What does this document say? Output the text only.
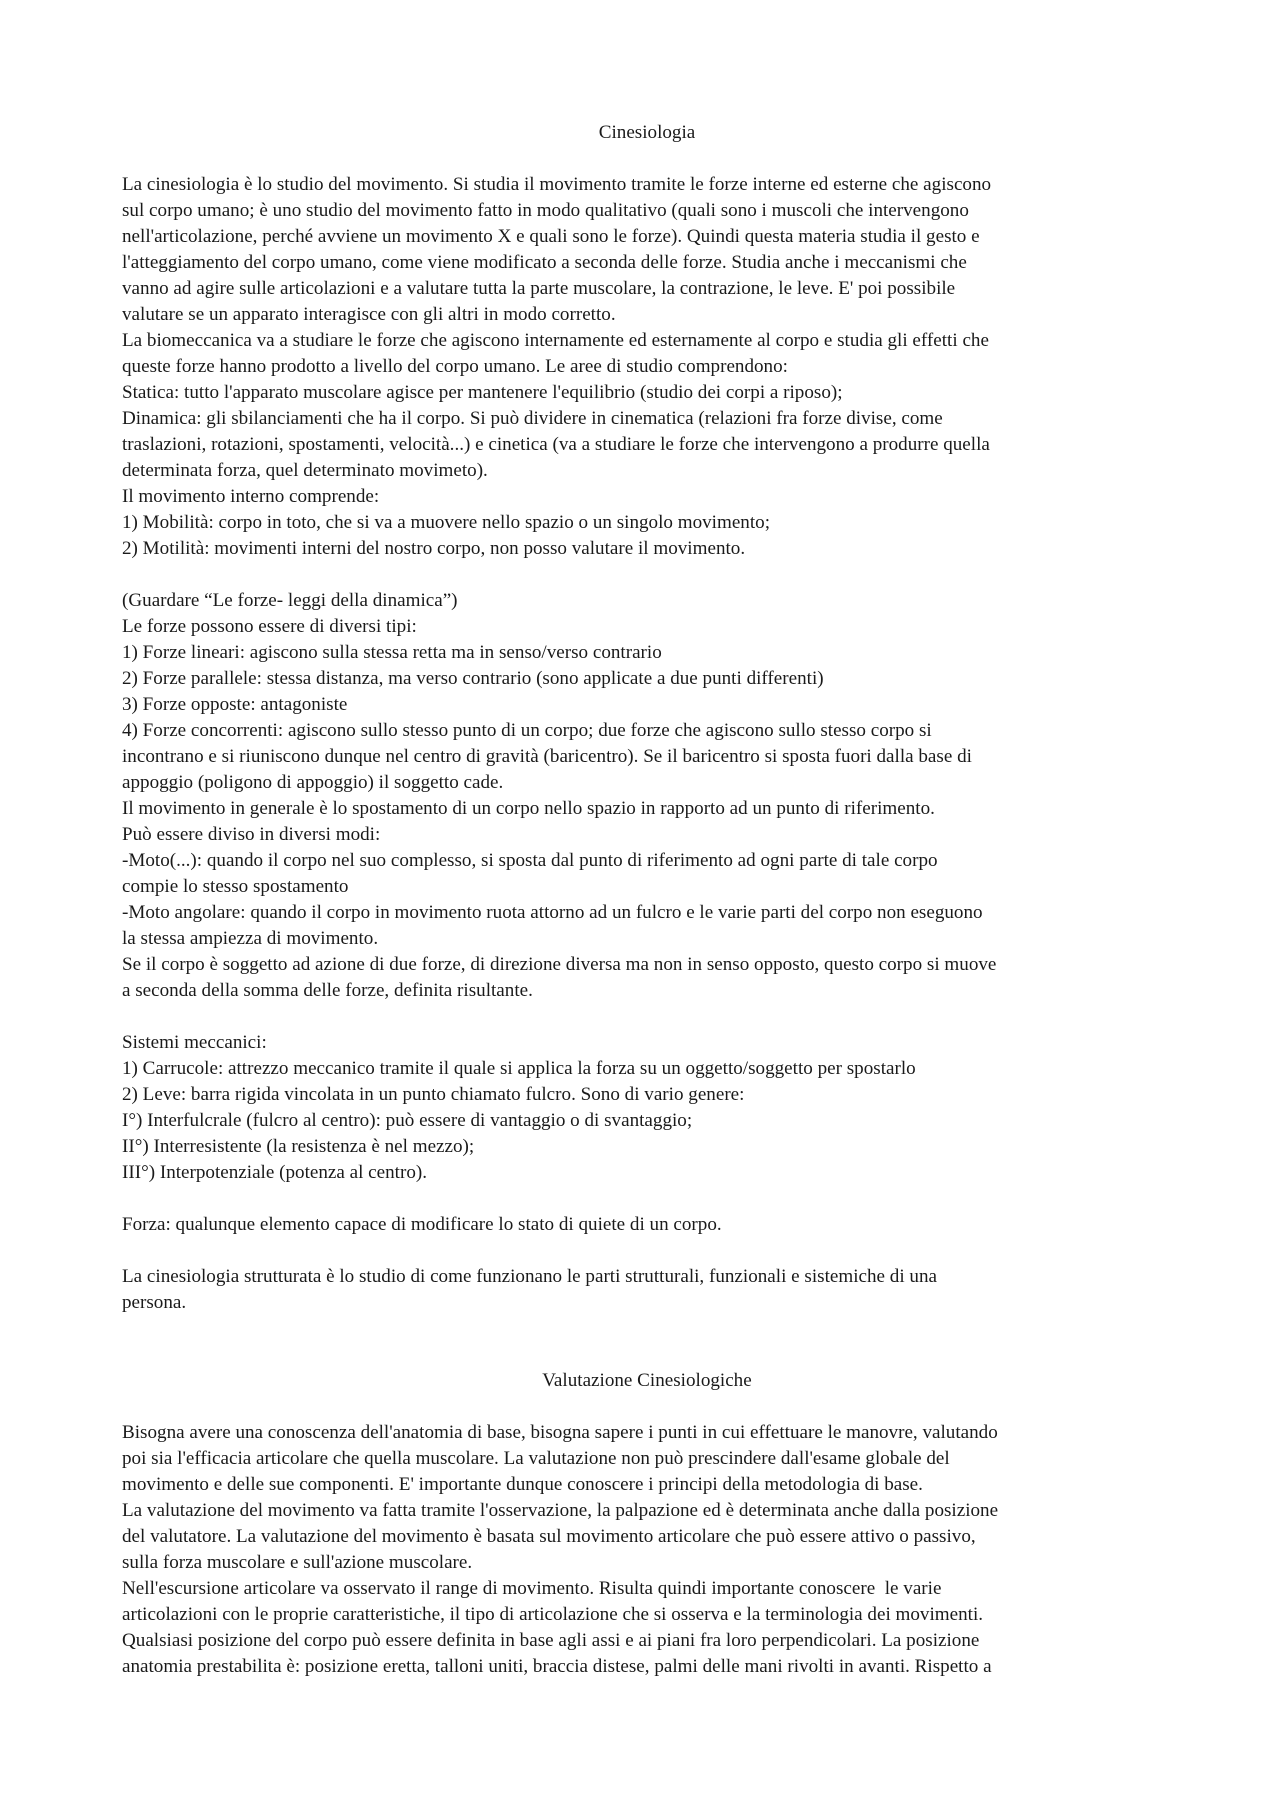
Cinesiologia

La cinesiologia è lo studio del movimento. Si studia il movimento tramite le forze interne ed esterne che agiscono

sul corpo umano; è uno studio del movimento fatto in modo qualitativo (quali sono i muscoli che intervengono

nell'articolazione, perché avviene un movimento X e quali sono le forze). Quindi questa materia studia il gesto e

l'atteggiamento del corpo umano, come viene modificato a seconda delle forze. Studia anche i meccanismi che

vanno ad agire sulle articolazioni e a valutare tutta la parte muscolare, la contrazione, le leve. E' poi possibile

valutare se un apparato interagisce con gli altri in modo corretto.

La biomeccanica va a studiare le forze che agiscono internamente ed esternamente al corpo e studia gli effetti che

queste forze hanno prodotto a livello del corpo umano. Le aree di studio comprendono:

Statica: tutto l'apparato muscolare agisce per mantenere l'equilibrio (studio dei corpi a riposo);

Dinamica: gli sbilanciamenti che ha il corpo. Si può dividere in cinematica (relazioni fra forze divise, come

traslazioni, rotazioni, spostamenti, velocità...) e cinetica (va a studiare le forze che intervengono a produrre quella

determinata forza, quel determinato movimeto).

Il movimento interno comprende:

1) Mobilità: corpo in toto, che si va a muovere nello spazio o un singolo movimento;

2) Motilità: movimenti interni del nostro corpo, non posso valutare il movimento.

(Guardare “Le forze- leggi della dinamica”)

Le forze possono essere di diversi tipi:

1) Forze lineari: agiscono sulla stessa retta ma in senso/verso contrario

2) Forze parallele: stessa distanza, ma verso contrario (sono applicate a due punti differenti)

3) Forze opposte: antagoniste

4) Forze concorrenti: agiscono sullo stesso punto di un corpo; due forze che agiscono sullo stesso corpo si

incontrano e si riuniscono dunque nel centro di gravità (baricentro). Se il baricentro si sposta fuori dalla base di

appoggio (poligono di appoggio) il soggetto cade.

Il movimento in generale è lo spostamento di un corpo nello spazio in rapporto ad un punto di riferimento.

Può essere diviso in diversi modi:

-Moto(...): quando il corpo nel suo complesso, si sposta dal punto di riferimento ad ogni parte di tale corpo

compie lo stesso spostamento

-Moto angolare: quando il corpo in movimento ruota attorno ad un fulcro e le varie parti del corpo non eseguono

la stessa ampiezza di movimento.

Se il corpo è soggetto ad azione di due forze, di direzione diversa ma non in senso opposto, questo corpo si muove

a seconda della somma delle forze, definita risultante.

Sistemi meccanici:

1) Carrucole: attrezzo meccanico tramite il quale si applica la forza su un oggetto/soggetto per spostarlo

2) Leve: barra rigida vincolata in un punto chiamato fulcro. Sono di vario genere:

I°) Interfulcrale (fulcro al centro): può essere di vantaggio o di svantaggio;

II°) Interresistente (la resistenza è nel mezzo);

III°) Interpotenziale (potenza al centro).

Forza: qualunque elemento capace di modificare lo stato di quiete di un corpo.

La cinesiologia strutturata è lo studio di come funzionano le parti strutturali, funzionali e sistemiche di una

persona.

Valutazione Cinesiologiche

Bisogna avere una conoscenza dell'anatomia di base, bisogna sapere i punti in cui effettuare le manovre, valutando

poi sia l'efficacia articolare che quella muscolare. La valutazione non può prescindere dall'esame globale del

movimento e delle sue componenti. E' importante dunque conoscere i principi della metodologia di base.

La valutazione del movimento va fatta tramite l'osservazione, la palpazione ed è determinata anche dalla posizione

del valutatore. La valutazione del movimento è basata sul movimento articolare che può essere attivo o passivo,

sulla forza muscolare e sull'azione muscolare.

Nell'escursione articolare va osservato il range di movimento. Risulta quindi importante conoscere  le varie

articolazioni con le proprie caratteristiche, il tipo di articolazione che si osserva e la terminologia dei movimenti.

Qualsiasi posizione del corpo può essere definita in base agli assi e ai piani fra loro perpendicolari. La posizione

anatomia prestabilita è: posizione eretta, talloni uniti, braccia distese, palmi delle mani rivolti in avanti. Rispetto a
